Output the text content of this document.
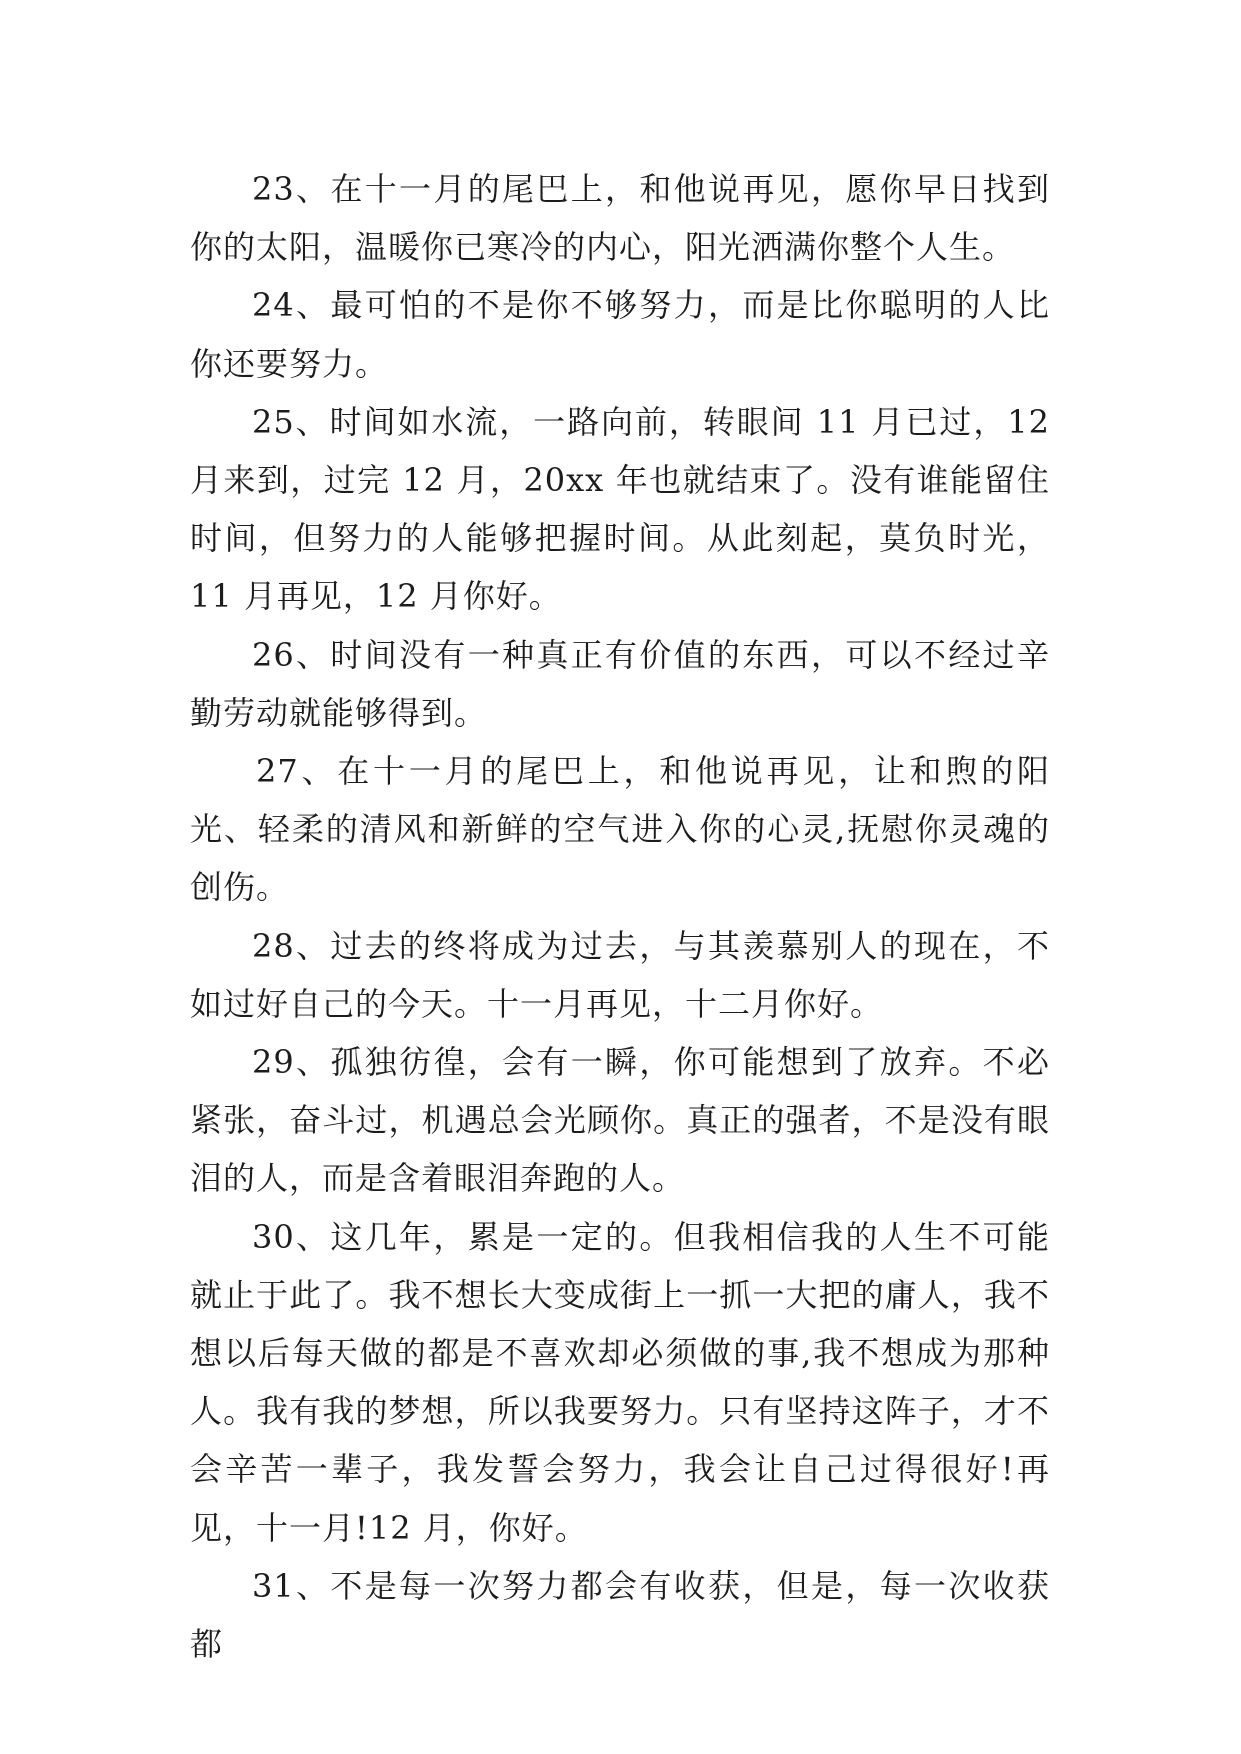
23、在十一月的尾巴上，和他说再见，愿你早日找到你的太阳，温暖你已寒冷的内心，阳光洒满你整个人生。

24、最可怕的不是你不够努力，而是比你聪明的人比你还要努力。

25、时间如水流，一路向前，转眼间 11 月已过，12 月来到，过完 12 月，20xx 年也就结束了。没有谁能留住时间，但努力的人能够把握时间。从此刻起，莫负时光，11 月再见，12 月你好。

26、时间没有一种真正有价值的东西，可以不经过辛勤劳动就能够得到。

27、在十一月的尾巴上，和他说再见，让和煦的阳光、轻柔的清风和新鲜的空气进入你的心灵,抚慰你灵魂的创伤。

28、过去的终将成为过去，与其羡慕别人的现在，不如过好自己的今天。十一月再见，十二月你好。

29、孤独彷徨，会有一瞬，你可能想到了放弃。不必紧张，奋斗过，机遇总会光顾你。真正的强者，不是没有眼泪的人，而是含着眼泪奔跑的人。

30、这几年，累是一定的。但我相信我的人生不可能就止于此了。我不想长大变成街上一抓一大把的庸人，我不想以后每天做的都是不喜欢却必须做的事,我不想成为那种人。我有我的梦想，所以我要努力。只有坚持这阵子，才不会辛苦一辈子，我发誓会努力，我会让自己过得很好!再见，十一月!12 月，你好。

31、不是每一次努力都会有收获，但是，每一次收获都
